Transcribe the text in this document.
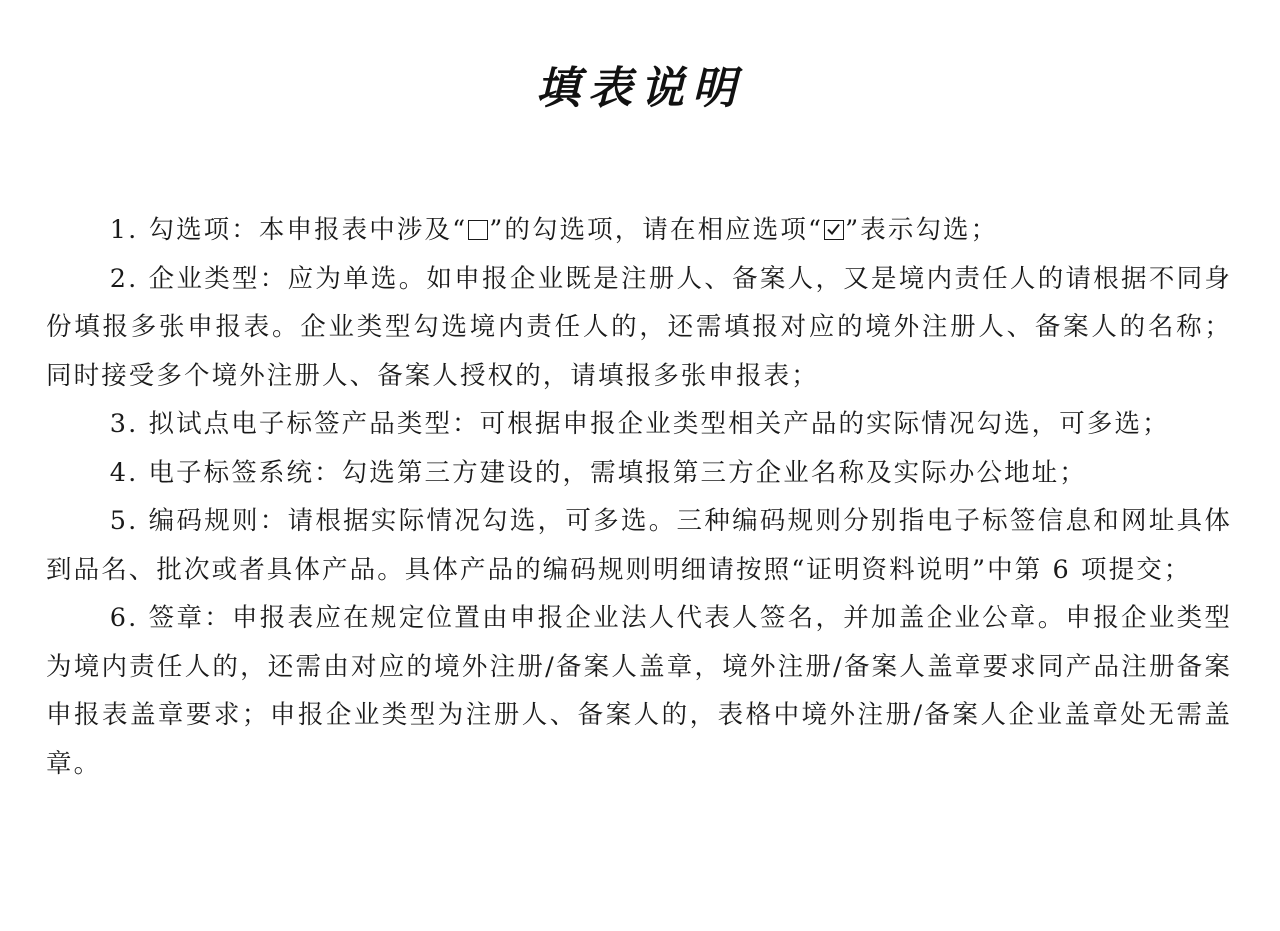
填表说明

1. 勾选项：本申报表中涉及“ ”的勾选项，请在相应选项“ ”表示勾选；

2. 企业类型：应为单选。如申报企业既是注册人、备案人，又是境内责任人的请根据不同身份填报多张申报表。企业类型勾选境内责任人的，还需填报对应的境外注册人、备案人的名称；同时接受多个境外注册人、备案人授权的，请填报多张申报表；

3. 拟试点电子标签产品类型：可根据申报企业类型相关产品的实际情况勾选，可多选；

4. 电子标签系统：勾选第三方建设的，需填报第三方企业名称及实际办公地址；

5. 编码规则：请根据实际情况勾选，可多选。三种编码规则分别指电子标签信息和网址具体到品名、批次或者具体产品。具体产品的编码规则明细请按照“证明资料说明”中第 6 项提交；

6. 签章：申报表应在规定位置由申报企业法人代表人签名，并加盖企业公章。申报企业类型为境内责任人的，还需由对应的境外注册/备案人盖章，境外注册/备案人盖章要求同产品注册备案申报表盖章要求；申报企业类型为注册人、备案人的，表格中境外注册/备案人企业盖章处无需盖章。
